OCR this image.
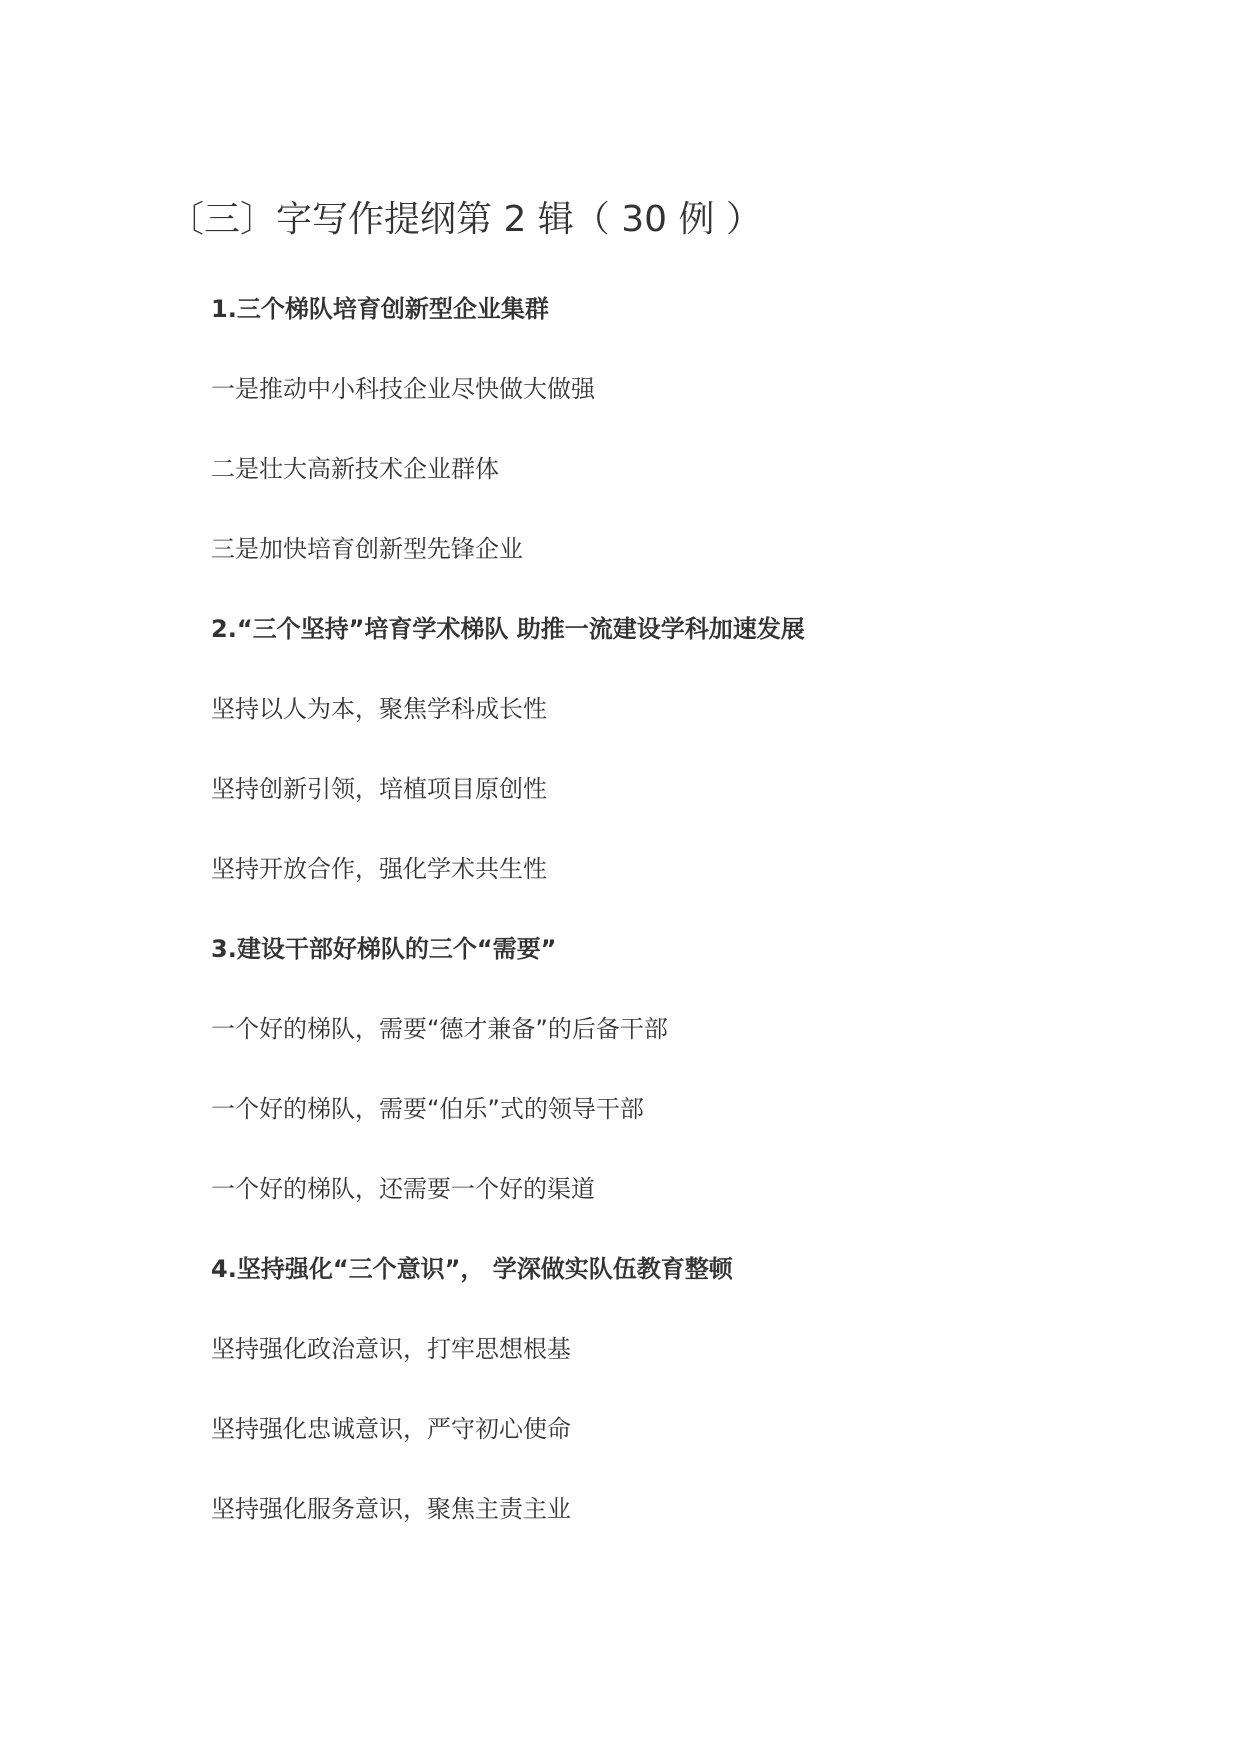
〔三〕字写作提纲第 2 辑（ 30 例 ）

1.三个梯队培育创新型企业集群

一是推动中小科技企业尽快做大做强

二是壮大高新技术企业群体

三是加快培育创新型先锋企业

2.“三个坚持”培育学术梯队 助推一流建设学科加速发展

坚持以人为本，聚焦学科成长性

坚持创新引领，培植项目原创性

坚持开放合作，强化学术共生性

3.建设干部好梯队的三个“需要”

一个好的梯队，需要“德才兼备”的后备干部

一个好的梯队，需要“伯乐”式的领导干部

一个好的梯队，还需要一个好的渠道

4.坚持强化“三个意识”， 学深做实队伍教育整顿

坚持强化政治意识，打牢思想根基

坚持强化忠诚意识，严守初心使命

坚持强化服务意识，聚焦主责主业
